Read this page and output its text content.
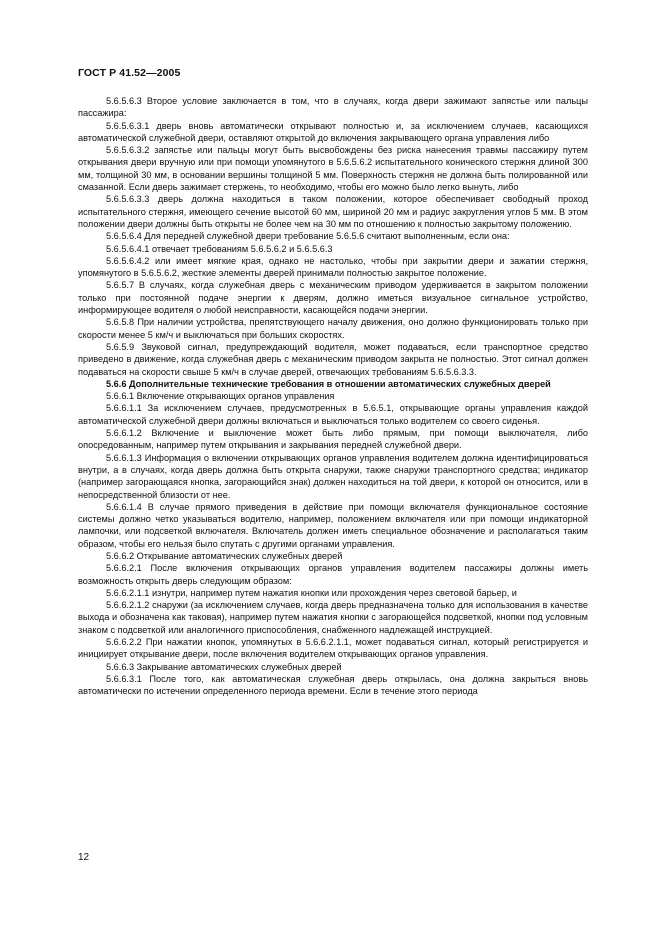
ГОСТ Р 41.52—2005

5.6.5.6.3 Второе условие заключается в том, что в случаях, когда двери зажимают запястье или пальцы пассажира:

5.6.5.6.3.1 дверь вновь автоматически открывают полностью и, за исключением случаев, касающихся автоматической служебной двери, оставляют открытой до включения закрывающего органа управления либо

5.6.5.6.3.2 запястье или пальцы могут быть высвобождены без риска нанесения травмы пассажиру путем открывания двери вручную или при помощи упомянутого в 5.6.5.6.2 испытательного конического стержня длиной 300 мм, толщиной 30 мм, в основании вершины толщиной 5 мм. Поверхность стержня не должна быть полированной или смазанной. Если дверь зажимает стержень, то необходимо, чтобы его можно было легко вынуть, либо

5.6.5.6.3.3 дверь должна находиться в таком положении, которое обеспечивает свободный проход испытательного стержня, имеющего сечение высотой 60 мм, шириной 20 мм и радиус закругления углов 5 мм. В этом положении двери должны быть открыты не более чем на 30 мм по отношению к полностью закрытому положению.

5.6.5.6.4 Для передней служебной двери требование 5.6.5.6 считают выполненным, если она:

5.6.5.6.4.1 отвечает требованиям 5.6.5.6.2 и 5.6.5.6.3

5.6.5.6.4.2 или имеет мягкие края, однако не настолько, чтобы при закрытии двери и зажатии стержня, упомянутого в 5.6.5.6.2, жесткие элементы дверей принимали полностью закрытое положение.

5.6.5.7 В случаях, когда служебная дверь с механическим приводом удерживается в закрытом положении только при постоянной подаче энергии к дверям, должно иметься визуальное сигнальное устройство, информирующее водителя о любой неисправности, касающейся подачи энергии.

5.6.5.8 При наличии устройства, препятствующего началу движения, оно должно функционировать только при скорости менее 5 км/ч и выключаться при больших скоростях.

5.6.5.9 Звуковой сигнал, предупреждающий водителя, может подаваться, если транспортное средство приведено в движение, когда служебная дверь с механическим приводом закрыта не полностью. Этот сигнал должен подаваться на скорости свыше 5 км/ч в случае дверей, отвечающих требованиям 5.6.5.6.3.3.

5.6.6 Дополнительные технические требования в отношении автоматических служебных дверей

5.6.6.1 Включение открывающих органов управления

5.6.6.1.1 За исключением случаев, предусмотренных в 5.6.5.1, открывающие органы управления каждой автоматической служебной двери должны включаться и выключаться только водителем со своего сиденья.

5.6.6.1.2 Включение и выключение может быть либо прямым, при помощи выключателя, либо опосредованным, например путем открывания и закрывания передней служебной двери.

5.6.6.1.3 Информация о включении открывающих органов управления водителем должна идентифицироваться внутри, а в случаях, когда дверь должна быть открыта снаружи, также снаружи транспортного средства; индикатор (например загорающаяся кнопка, загорающийся знак) должен находиться на той двери, к которой он относится, или в непосредственной близости от нее.

5.6.6.1.4 В случае прямого приведения в действие при помощи включателя функциональное состояние системы должно четко указываться водителю, например, положением включателя или при помощи индикаторной лампочки, или подсветкой включателя. Включатель должен иметь специальное обозначение и располагаться таким образом, чтобы его нельзя было спутать с другими органами управления.

5.6.6.2 Открывание автоматических служебных дверей

5.6.6.2.1 После включения открывающих органов управления водителем пассажиры должны иметь возможность открыть дверь следующим образом:

5.6.6.2.1.1 изнутри, например путем нажатия кнопки или прохождения через световой барьер, и

5.6.6.2.1.2 снаружи (за исключением случаев, когда дверь предназначена только для использования в качестве выхода и обозначена как таковая), например путем нажатия кнопки с загорающейся подсветкой, кнопки под условным знаком с подсветкой или аналогичного приспособления, снабженного надлежащей инструкцией.

5.6.6.2.2 При нажатии кнопок, упомянутых в 5.6.6.2.1.1, может подаваться сигнал, который регистрируется и инициирует открывание двери, после включения водителем открывающих органов управления.

5.6.6.3 Закрывание автоматических служебных дверей

5.6.6.3.1 После того, как автоматическая служебная дверь открылась, она должна закрыться вновь автоматически по истечении определенного периода времени. Если в течение этого периода

12
